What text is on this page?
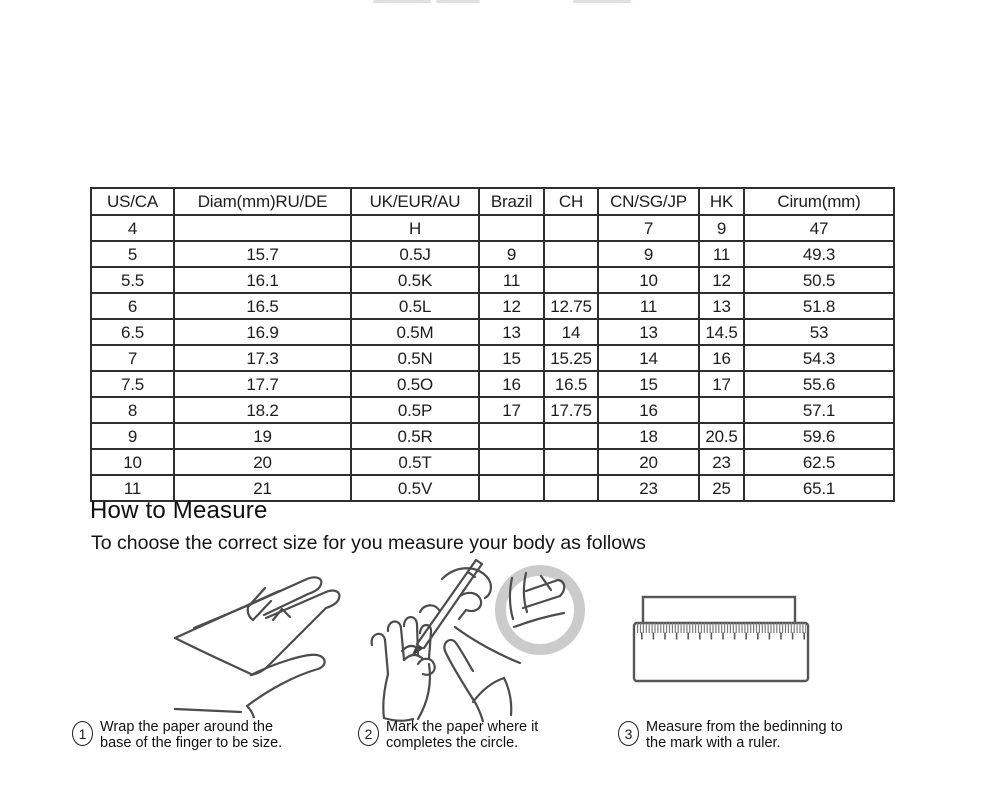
US/CA	Diam(mm)RU/DE	UK/EUR/AU	Brazil	CH	CN/SG/JP	HK	Cirum(mm)
4		H			7	9	47
5	15.7	0.5J	9		9	11	49.3
5.5	16.1	0.5K	11		10	12	50.5
6	16.5	0.5L	12	12.75	11	13	51.8
6.5	16.9	0.5M	13	14	13	14.5	53
7	17.3	0.5N	15	15.25	14	16	54.3
7.5	17.7	0.5O	16	16.5	15	17	55.6
8	18.2	0.5P	17	17.75	16		57.1
9	19	0.5R			18	20.5	59.6
10	20	0.5T			20	23	62.5
11	21	0.5V			23	25	65.1
How to Measure

To choose the correct size for you measure your body as follows

1 Wrap the paper around the
base of the finger to be size.
2 Mark the paper where it
completes the circle.
3 Measure from the bedinning to
the mark with a ruler.
